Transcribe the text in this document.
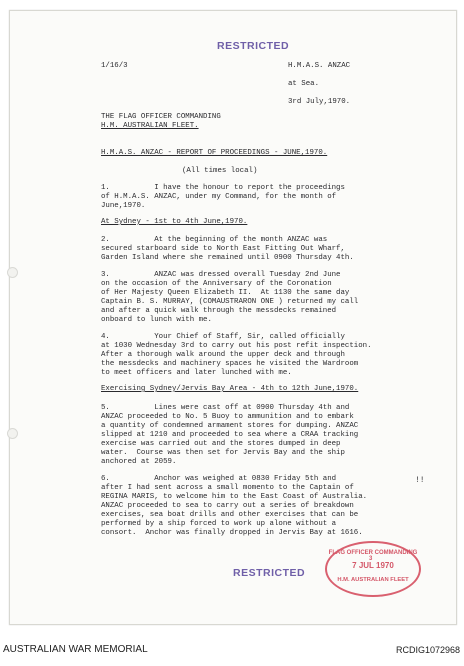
RESTRICTED
1/16/3	H.M.A.S. ANZAC
at Sea.
3rd July,1970.
THE FLAG OFFICER COMMANDING
H.M. AUSTRALIAN FLEET.
H.M.A.S. ANZAC - REPORT OF PROCEEDINGS - JUNE,1970.
(All times local)
1.          I have the honour to report the proceedings
of H.M.A.S. ANZAC, under my Command, for the month of
June,1970.
At Sydney - 1st to 4th June,1970.
2.          At the beginning of the month ANZAC was
secured starboard side to North East Fitting Out Wharf,
Garden Island where she remained until 0900 Thursday 4th.
3.          ANZAC was dressed overall Tuesday 2nd June
on the occasion of the Anniversary of the Coronation
of Her Majesty Queen Elizabeth II.  At 1130 the same day
Captain B. S. MURRAY, (COMAUSTRARON ONE ) returned my call
and after a quick walk through the messdecks remained
onboard to lunch with me.
4.          Your Chief of Staff, Sir, called officially
at 1030 Wednesday 3rd to carry out his post refit inspection.
After a thorough walk around the upper deck and through
the messdecks and machinery spaces he visited the Wardroom
to meet officers and later lunched with me.
Exercising Sydney/Jervis Bay Area - 4th to 12th June,1970.
5.          Lines were cast off at 0900 Thursday 4th and
ANZAC proceeded to No. 5 Buoy to ammunition and to embark
a quantity of condemned armament stores for dumping. ANZAC
slipped at 1210 and proceeded to sea where a CRAA tracking
exercise was carried out and the stores dumped in deep
water.  Course was then set for Jervis Bay and the ship
anchored at 2059.
6.          Anchor was weighed at 0830 Friday 5th and
after I had sent across a small momento to the Captain of
REGINA MARIS, to welcome him to the East Coast of Australia.
ANZAC proceeded to sea to carry out a series of breakdown
exercises, sea boat drills and other exercises that can be
performed by a ship forced to work up alone without a
consort.  Anchor was finally dropped in Jervis Bay at 1616.
!!
RESTRICTED
FLAG OFFICER COMMANDING
7 JUL 1970
H.M. AUSTRALIAN FLEET
3
AUSTRALIAN WAR MEMORIAL	RCDIG1072968
